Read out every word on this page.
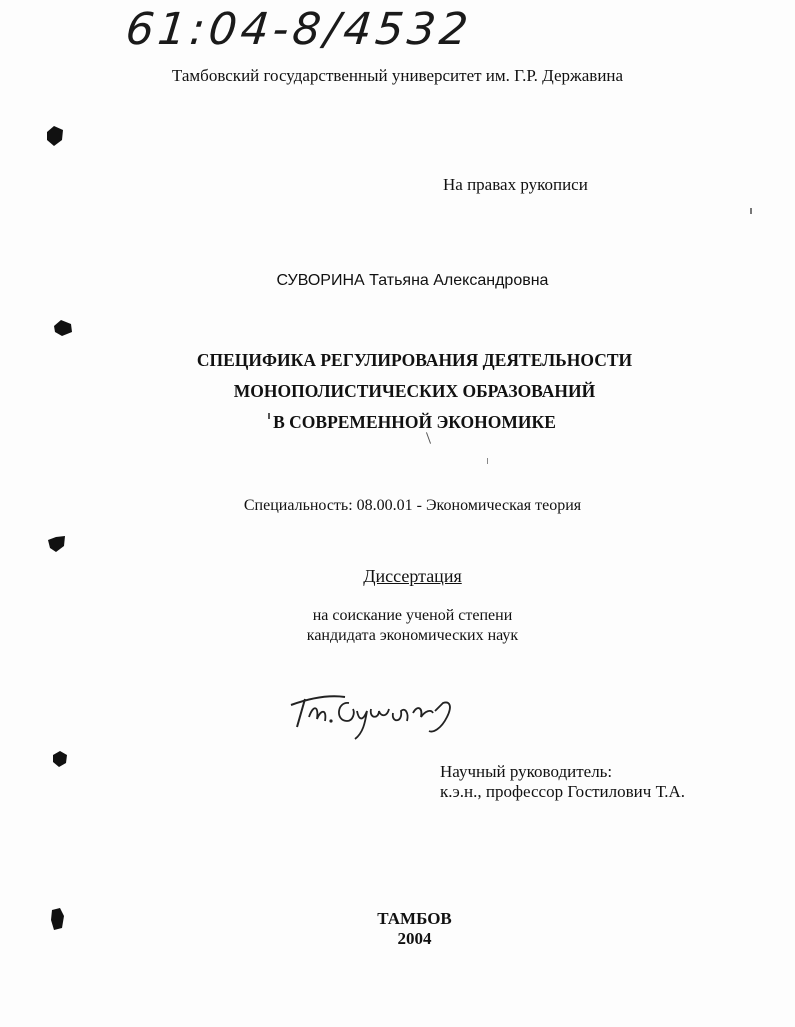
61:04-8/4532
Тамбовский государственный университет им. Г.Р. Державина
На правах рукописи
СУВОРИНА Татьяна Александровна
СПЕЦИФИКА РЕГУЛИРОВАНИЯ ДЕЯТЕЛЬНОСТИ
МОНОПОЛИСТИЧЕСКИХ ОБРАЗОВАНИЙ
В СОВРЕМЕННОЙ ЭКОНОМИКЕ
Специальность: 08.00.01 - Экономическая теория
Диссертация
на соискание ученой степени
кандидата экономических наук
Научный руководитель:
к.э.н., профессор Гостилович Т.А.
ТАМБОВ
2004
